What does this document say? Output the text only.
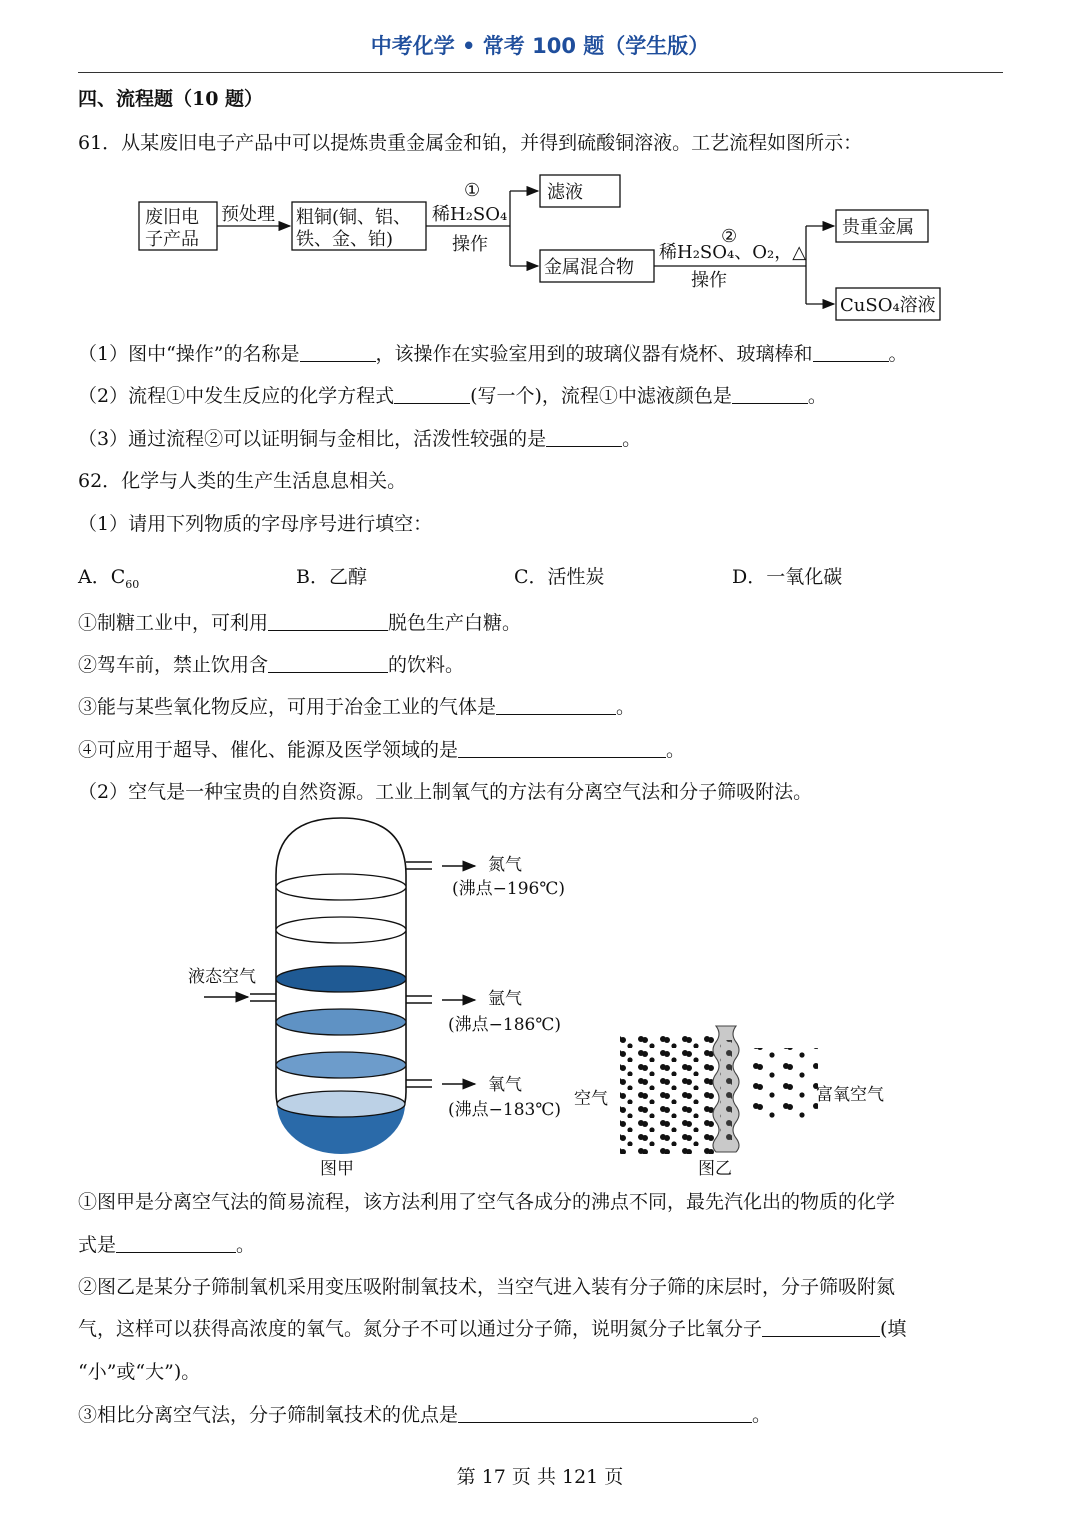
中考化学 • 常考 100 题（学生版）
四、流程题（10 题）
61．从某废旧电子产品中可以提炼贵重金属金和铂，并得到硫酸铜溶液。工艺流程如图所示：
废旧电
子产品
预处理 粗铜(铜、铝、
铁、金、铂)
①
稀H₂SO₄
操作
滤液
金属混合物
②
稀H₂SO₄、O₂，△
操作
贵重金属
CuSO₄溶液
（1）图中“操作”的名称是	，该操作在实验室用到的玻璃仪器有烧杯、玻璃棒和	。
（2）流程①中发生反应的化学方程式	(写一个)，流程①中滤液颜色是	。
（3）通过流程②可以证明铜与金相比，活泼性较强的是	。
62．化学与人类的生产生活息息相关。
（1）请用下列物质的字母序号进行填空：
A．$C_{60}$	B．乙醇	C．活性炭	D．一氧化碳
①制糖工业中，可利用	脱色生产白糖。
②驾车前，禁止饮用含	的饮料。
③能与某些氧化物反应，可用于冶金工业的气体是	。
④可应用于超导、催化、能源及医学领域的是	。
（2）空气是一种宝贵的自然资源。工业上制氧气的方法有分离空气法和分子筛吸附法。
液态空气
氮气
(沸点−196℃)
氩气
(沸点−186℃)
氧气
(沸点−183℃)
图甲
空气	富氧空气
图乙
①图甲是分离空气法的简易流程，该方法利用了空气各成分的沸点不同，最先汽化出的物质的化学
式是	。
②图乙是某分子筛制氧机采用变压吸附制氧技术，当空气进入装有分子筛的床层时，分子筛吸附氮
气，这样可以获得高浓度的氧气。氮分子不可以通过分子筛，说明氮分子比氧分子	(填
“小”或“大”)。
③相比分离空气法，分子筛制氧技术的优点是	。
第 17 页 共 121 页
